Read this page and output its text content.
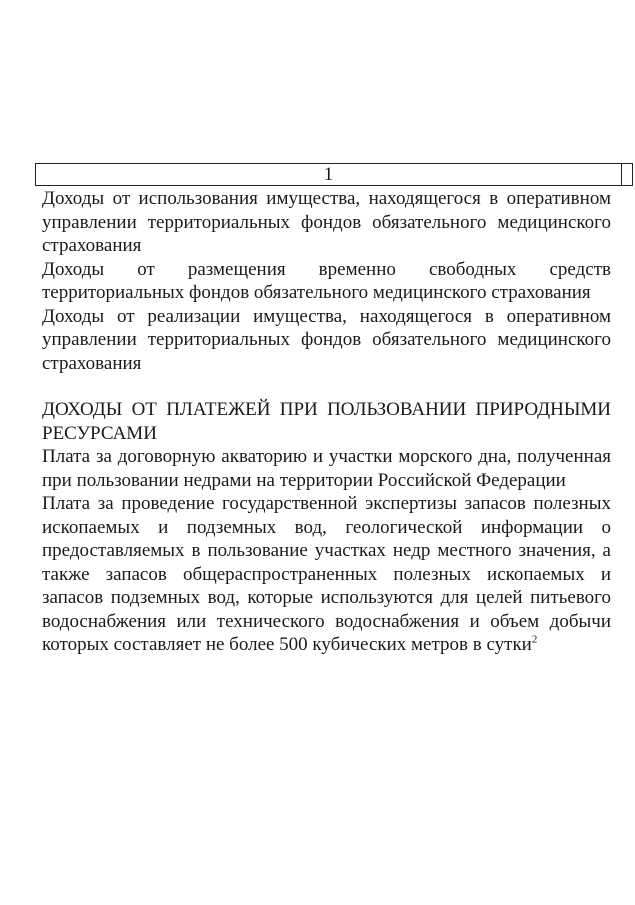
1

Доходы от использования имущества, находящегося в оперативном управлении территориальных фондов обязательного медицинского страхования

Доходы от размещения временно свободных средств территориальных фондов обязательного медицинского страхования

Доходы от реализации имущества, находящегося в оперативном управлении территориальных фондов обязательного медицинского страхования

ДОХОДЫ ОТ ПЛАТЕЖЕЙ ПРИ ПОЛЬЗОВАНИИ ПРИРОДНЫМИ РЕСУРСАМИ

Плата за договорную акваторию и участки морского дна, полученная при пользовании недрами на территории Российской Федерации

Плата за проведение государственной экспертизы запасов полезных ископаемых и подземных вод, геологической информации о предоставляемых в пользование участках недр местного значения, а также запасов общераспространенных полезных ископаемых и запасов подземных вод, которые используются для целей питьевого водоснабжения или технического водоснабжения и объем добычи которых составляет не более 500 кубических метров в сутки$^2$
